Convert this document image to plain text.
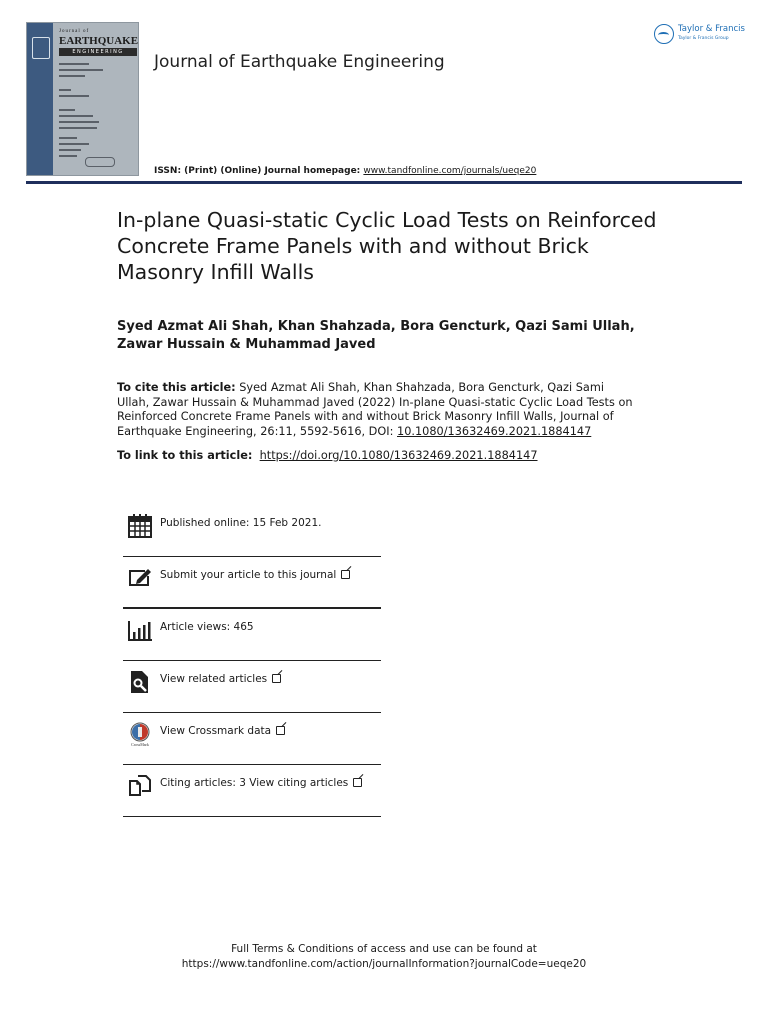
Journal of
EARTHQUAKE
ENGINEERING	Journal of Earthquake Engineering
ISSN: (Print) (Online) Journal homepage: www.tandfonline.com/journals/ueqe20
Taylor & Francis
Taylor & Francis Group
In-plane Quasi-static Cyclic Load Tests on Reinforced Concrete Frame Panels with and without Brick Masonry Infill Walls
Syed Azmat Ali Shah, Khan Shahzada, Bora Gencturk, Qazi Sami Ullah, Zawar Hussain & Muhammad Javed
To cite this article: Syed Azmat Ali Shah, Khan Shahzada, Bora Gencturk, Qazi Sami Ullah, Zawar Hussain & Muhammad Javed (2022) In-plane Quasi-static Cyclic Load Tests on Reinforced Concrete Frame Panels with and without Brick Masonry Infill Walls, Journal of Earthquake Engineering, 26:11, 5592-5616, DOI: 10.1080/13632469.2021.1884147
To link to this article: https://doi.org/10.1080/13632469.2021.1884147
Published online: 15 Feb 2021.
Submit your article to this journal
Article views: 465
View related articles
CrossMark
View Crossmark data
Citing articles: 3 View citing articles
Full Terms & Conditions of access and use can be found at
https://www.tandfonline.com/action/journalInformation?journalCode=ueqe20
